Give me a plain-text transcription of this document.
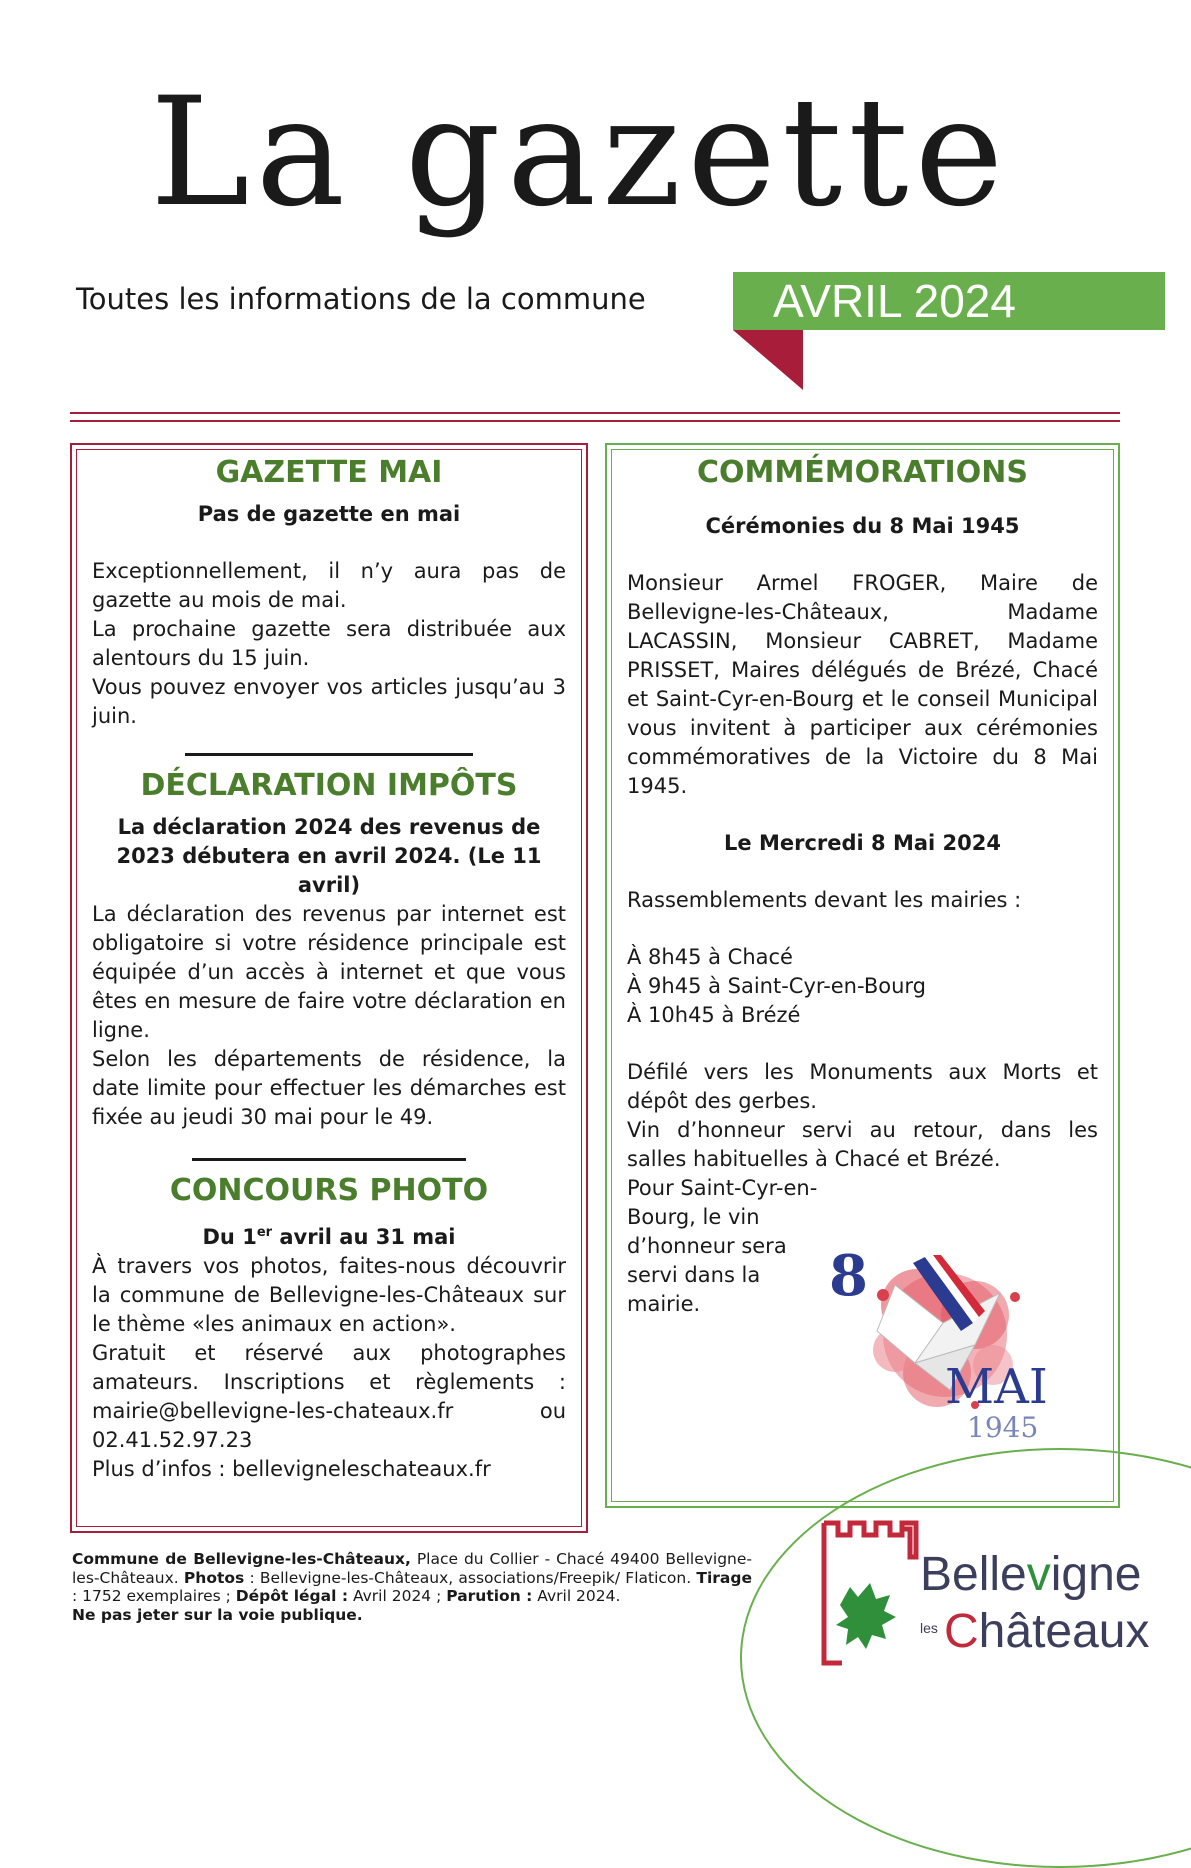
La gazette
Toutes les informations de la commune	AVRIL 2024
GAZETTE MAI

Pas de gazette en mai

Exceptionnellement, il n’y aura pas de gazette au mois de mai.

La prochaine gazette sera distribuée aux alentours du 15 juin.

Vous pouvez envoyer vos articles jusqu’au 3 juin.

DÉCLARATION IMPÔTS

La déclaration 2024 des revenus de 2023 débutera en avril 2024. (Le 11 avril)

La déclaration des revenus par internet est obligatoire si votre résidence principale est équipée d’un accès à internet et que vous êtes en mesure de faire votre déclaration en ligne.

Selon les départements de résidence, la date limite pour effectuer les démarches est fixée au jeudi 30 mai pour le 49.

CONCOURS PHOTO

Du 1er avril au 31 mai

À travers vos photos, faites-nous découvrir la commune de Bellevigne-les-Châteaux sur le thème «les animaux en action».

Gratuit et réservé aux photographes amateurs. Inscriptions et règlements : mairie@bellevigne-les-chateaux.fr ou 02.41.52.97.23

Plus d’infos : bellevigneleschateaux.fr

COMMÉMORATIONS

Cérémonies du 8 Mai 1945

Monsieur Armel FROGER, Maire de Bellevigne-les-Châteaux, Madame LACASSIN, Monsieur CABRET, Madame PRISSET, Maires délégués de Brézé, Chacé et Saint-Cyr-en-Bourg et le conseil Municipal vous invitent à participer aux cérémonies commémoratives de la Victoire du 8 Mai 1945.

Le Mercredi 8 Mai 2024

Rassemblements devant les mairies :

À 8h45 à Chacé

À 9h45 à Saint-Cyr-en-Bourg

À 10h45 à Brézé

Défilé vers les Monuments aux Morts et dépôt des gerbes.

Vin d’honneur servi au retour, dans les salles habituelles à Chacé et Brézé.

Pour Saint-Cyr-en-Bourg, le vin d’honneur sera servi dans la mairie.	8
MAI
1945
Commune de Bellevigne-les-Châteaux, Place du Collier - Chacé 49400 Bellevigne-les-Châteaux. Photos : Bellevigne-les-Châteaux, associations/Freepik/ Flaticon. Tirage : 1752 exemplaires ; Dépôt légal : Avril 2024 ; Parution : Avril 2024.
Ne pas jeter sur la voie publique.
Bellevigne
les Châteaux
